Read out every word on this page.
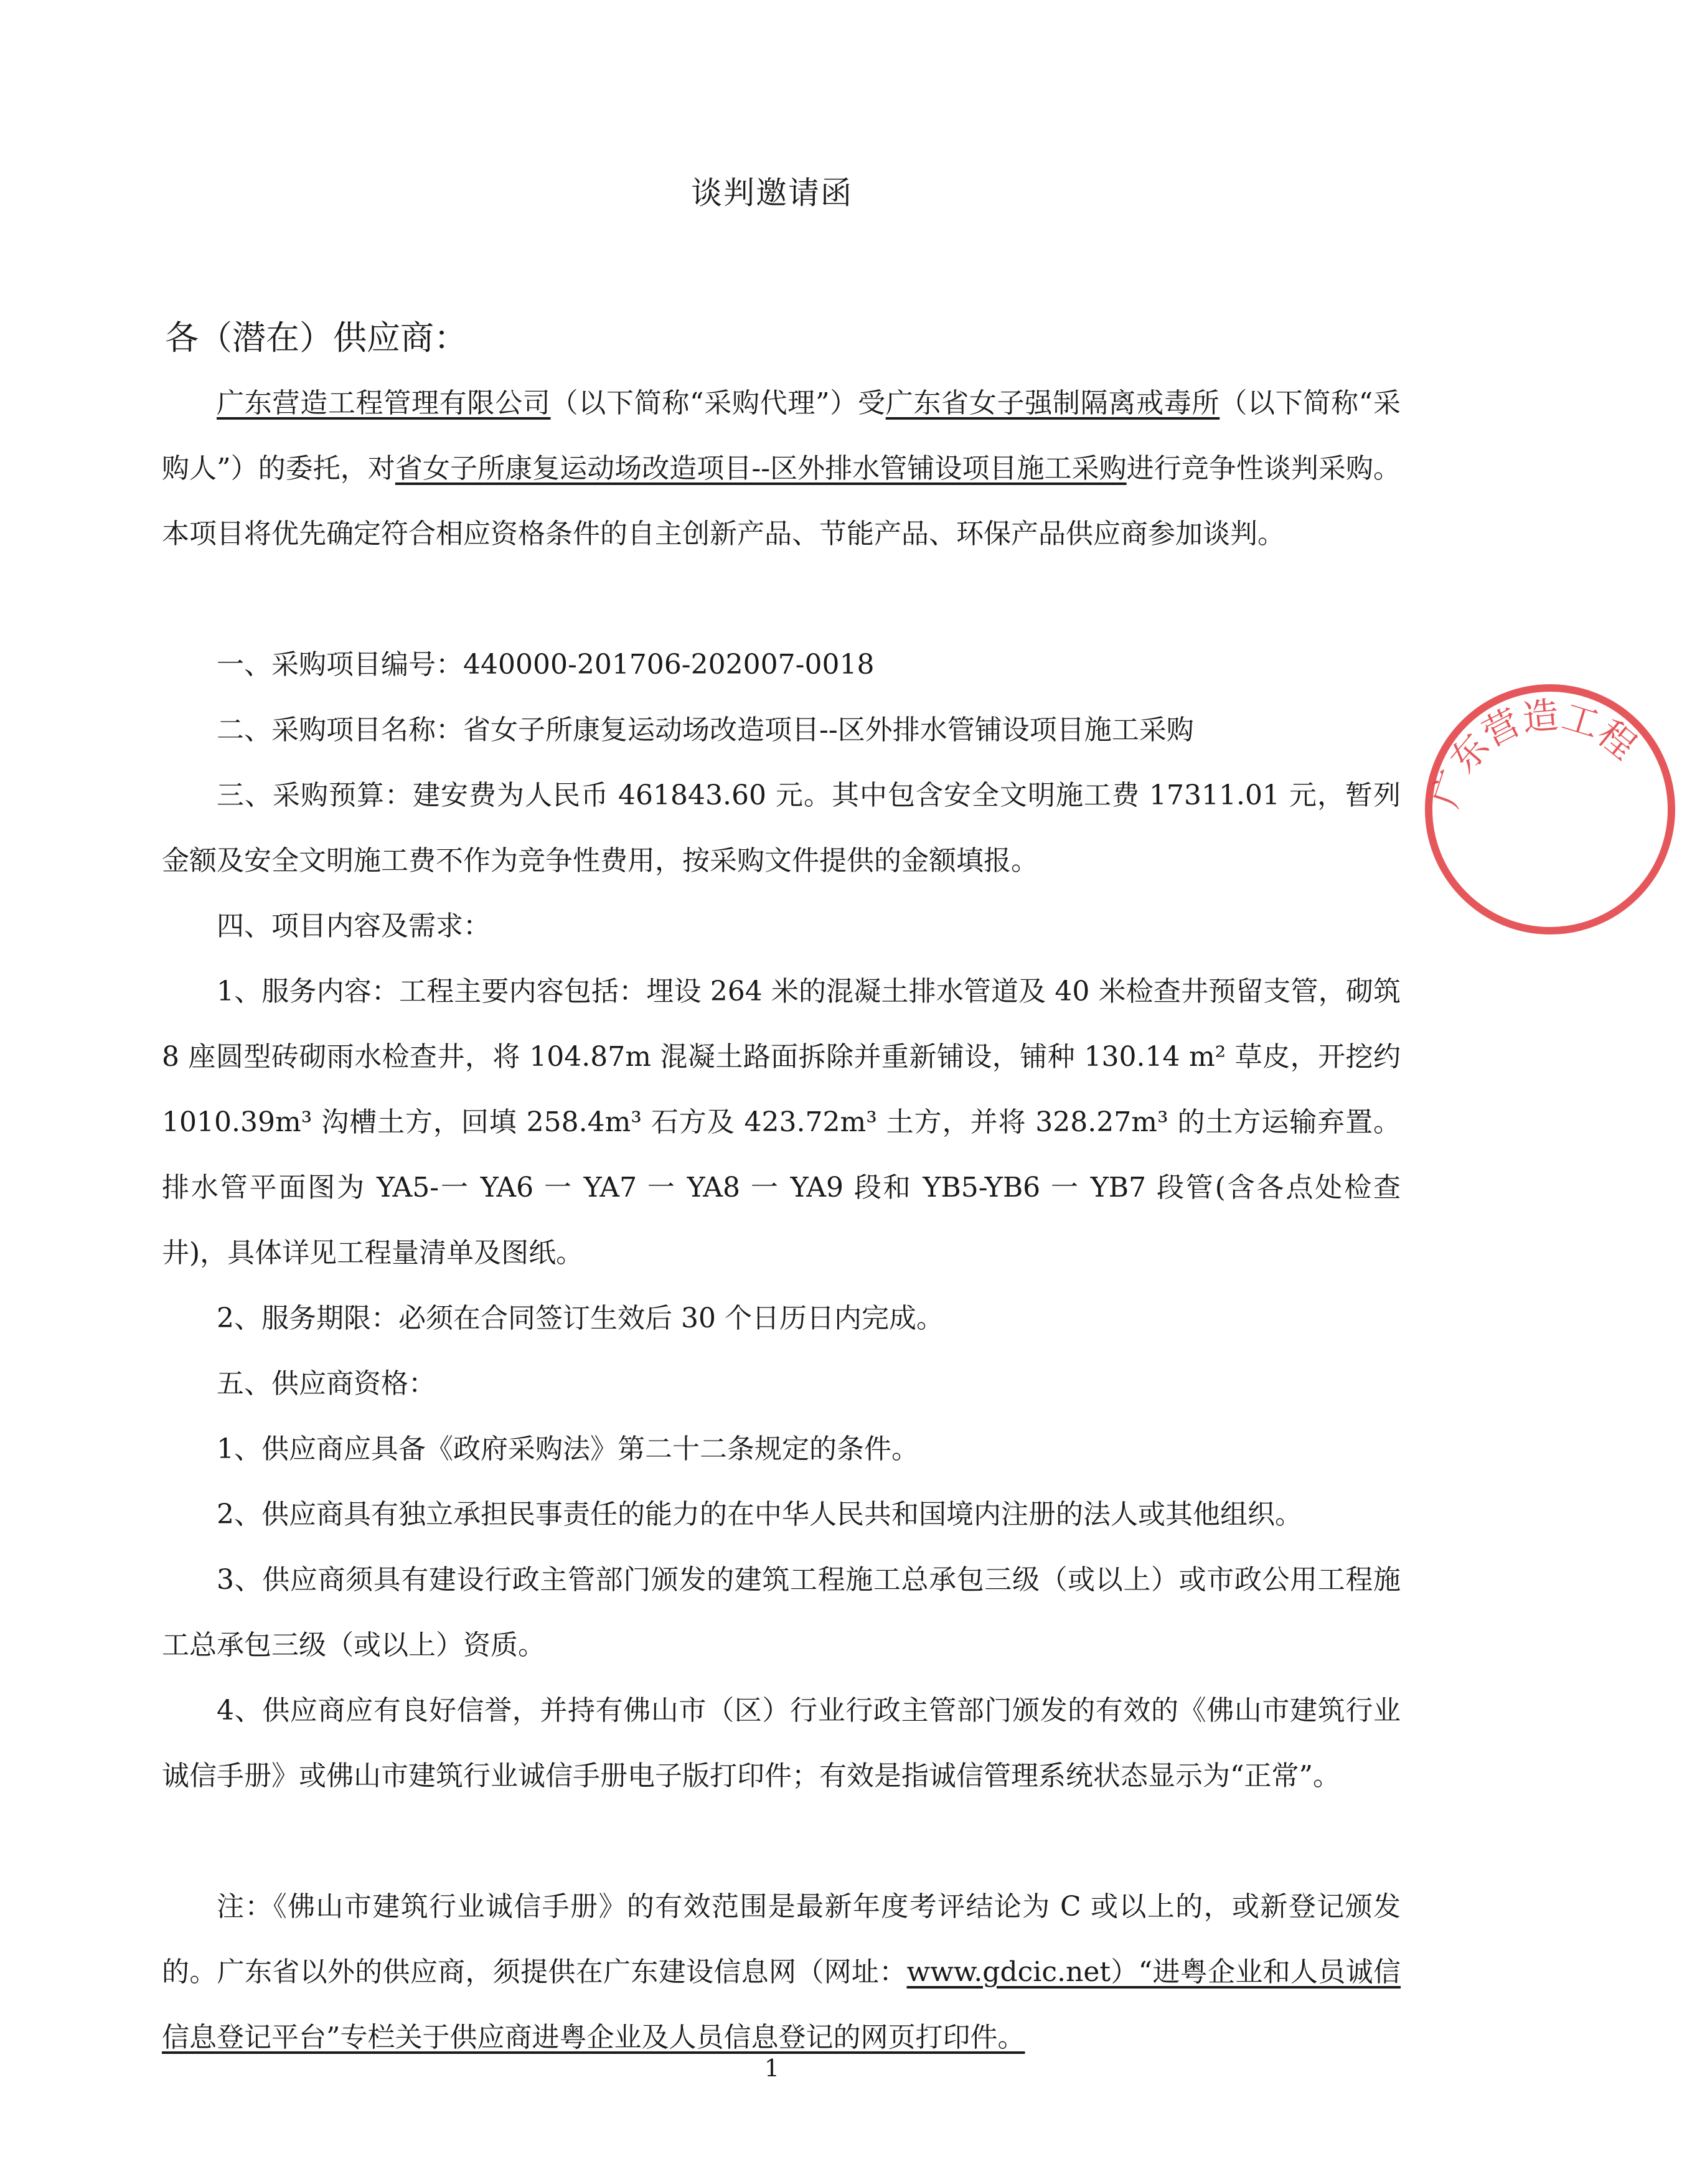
谈判邀请函
各（潜在）供应商：

广东营造工程管理有限公司（以下简称“采购代理”）受广东省女子强制隔离戒毒所（以下简称“采购人”）的委托，对省女子所康复运动场改造项目--区外排水管铺设项目施工采购进行竞争性谈判采购。本项目将优先确定符合相应资格条件的自主创新产品、节能产品、环保产品供应商参加谈判。

一、采购项目编号：440000-201706-202007-0018

二、采购项目名称：省女子所康复运动场改造项目--区外排水管铺设项目施工采购

三、采购预算：建安费为人民币 461843.60 元。其中包含安全文明施工费 17311.01 元，暂列金额及安全文明施工费不作为竞争性费用，按采购文件提供的金额填报。

四、项目内容及需求：

1、服务内容：工程主要内容包括：埋设 264 米的混凝土排水管道及 40 米检查井预留支管，砌筑 8 座圆型砖砌雨水检查井，将 104.87m 混凝土路面拆除并重新铺设，铺种 130.14 m² 草皮，开挖约 1010.39m³ 沟槽土方，回填 258.4m³ 石方及 423.72m³ 土方，并将 328.27m³ 的土方运输弃置。排水管平面图为 YA5-一 YA6 一 YA7 一 YA8 一 YA9 段和 YB5-YB6 一 YB7 段管(含各点处检查井)，具体详见工程量清单及图纸。

2、服务期限：必须在合同签订生效后 30 个日历日内完成。

五、供应商资格：

1、供应商应具备《政府采购法》第二十二条规定的条件。

2、供应商具有独立承担民事责任的能力的在中华人民共和国境内注册的法人或其他组织。

3、供应商须具有建设行政主管部门颁发的建筑工程施工总承包三级（或以上）或市政公用工程施工总承包三级（或以上）资质。

4、供应商应有良好信誉，并持有佛山市（区）行业行政主管部门颁发的有效的《佛山市建筑行业诚信手册》或佛山市建筑行业诚信手册电子版打印件；有效是指诚信管理系统状态显示为“正常”。

注：《佛山市建筑行业诚信手册》的有效范围是最新年度考评结论为 C 或以上的，或新登记颁发的。广东省以外的供应商，须提供在广东建设信息网（网址：www.gdcic.net）“进粤企业和人员诚信信息登记平台”专栏关于供应商进粤企业及人员信息登记的网页打印件。

1
广东营造工程
